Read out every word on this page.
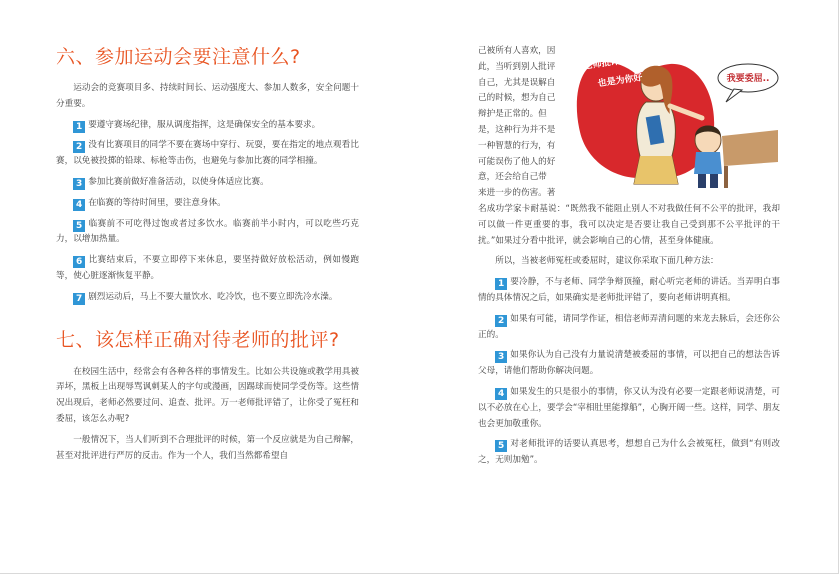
六、参加运动会要注意什么?

运动会的竞赛项目多、持续时间长、运动强度大、参加人数多，安全问题十分重要。

1 要遵守赛场纪律，服从调度指挥，这是确保安全的基本要求。

2 没有比赛项目的同学不要在赛场中穿行、玩耍，要在指定的地点观看比赛，以免被投掷的铅球、标枪等击伤，也避免与参加比赛的同学相撞。

3 参加比赛前做好准备活动，以使身体适应比赛。

4 在临赛的等待时间里，要注意身体。

5 临赛前不可吃得过饱或者过多饮水。临赛前半小时内，可以吃些巧克力，以增加热量。

6 比赛结束后，不要立即停下来休息，要坚持做好放松活动，例如慢跑等，使心脏逐渐恢复平静。

7 剧烈运动后，马上不要大量饮水、吃冷饮，也不要立即洗冷水澡。

七、该怎样正确对待老师的批评?

在校园生活中，经常会有各种各样的事情发生。比如公共设施或教学用具被弄坏，黑板上出现辱骂讽刺某人的字句或漫画，因踢球而使同学受伤等。这些情况出现后，老师必然要过问、追查、批评。万一老师批评错了，让你受了冤枉和委屈，该怎么办呢?

一般情况下，当人们听到不合理批评的时候，第一个反应就是为自己辩解，甚至对批评进行严厉的反击。作为一个人，我们当然都希望自

己被所有人喜欢，因
此，当听到别人批评
自己，尤其是误解自
己的时候，想为自己
辩护是正常的。但
是，这种行为并不是
一种智慧的行为，有
可能误伤了他人的好
意，还会给自己带
来进一步的伤害。著

名成功学家卡耐基说：“既然我不能阻止别人不对我做任何不公平的批评，我却可以做一件更重要的事，我可以决定是否要让我自己受到那不公平批评的干扰。”如果过分看中批评，就会影响自己的心情，甚至身体健康。

所以，当被老师冤枉或委屈时，建议你采取下面几种方法：

1 要冷静，不与老师、同学争辩顶撞，耐心听完老师的讲话。当弄明白事情的具体情况之后，如果确实是老师批评错了，要向老师讲明真相。

2 如果有可能，请同学作证，相信老师弄清问题的来龙去脉后，会还你公正的。

3 如果你认为自己没有力量说清楚被委屈的事情，可以把自己的想法告诉父母，请他们帮助你解决问题。

4 如果发生的只是很小的事情，你又认为没有必要一定跟老师说清楚，可以不必放在心上，要学会“宰相肚里能撑船”，心胸开阔一些。这样，同学、朋友也会更加敬重你。

5 对老师批评的话要认真思考，想想自己为什么会被冤枉，做到“有则改之，无则加勉”。

我要委屈..
老师批评你
也是为你好
